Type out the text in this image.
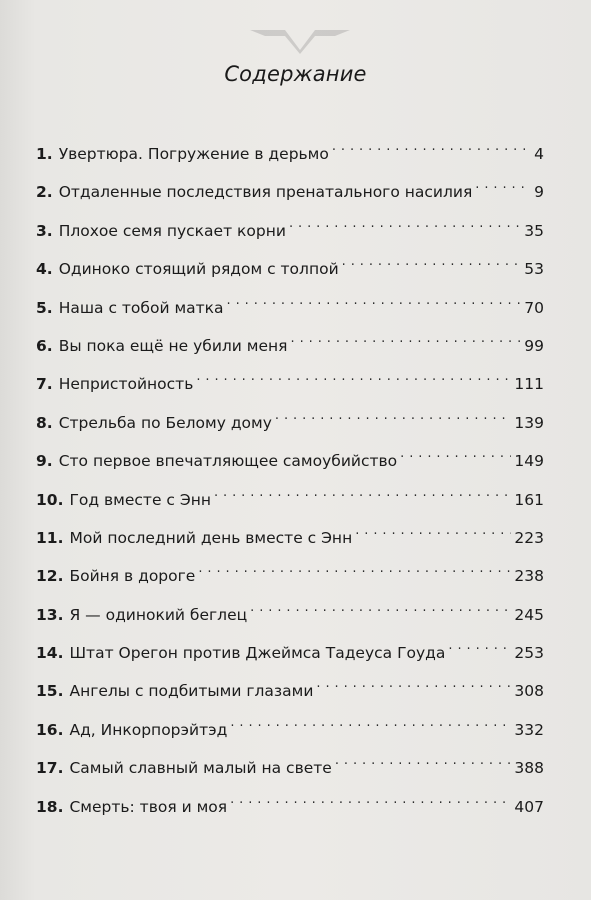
Содержание
1. Увертюра. Погружение в дерьмо . . .	4
2. Отдаленные последствия пренатального насилия . . .	9
3. Плохое семя пускает корни . . .	35
4. Одиноко стоящий рядом с толпой . . .	53
5. Наша с тобой матка . . .	70
6. Вы пока ещё не убили меня . . .	99
7. Непристойность . . .	111
8. Стрельба по Белому дому . . .	139
9. Сто первое впечатляющее самоубийство . . .	149
10. Год вместе с Энн . . .	161
11. Мой последний день вместе с Энн . . .	223
12. Бойня в дороге . . .	238
13. Я — одинокий беглец . . .	245
14. Штат Орегон против Джеймса Тадеуса Гоуда . . .	253
15. Ангелы с подбитыми глазами . . .	308
16. Ад, Инкорпорэйтэд . . .	332
17. Самый славный малый на свете . . .	388
18. Смерть: твоя и моя . . .	407
